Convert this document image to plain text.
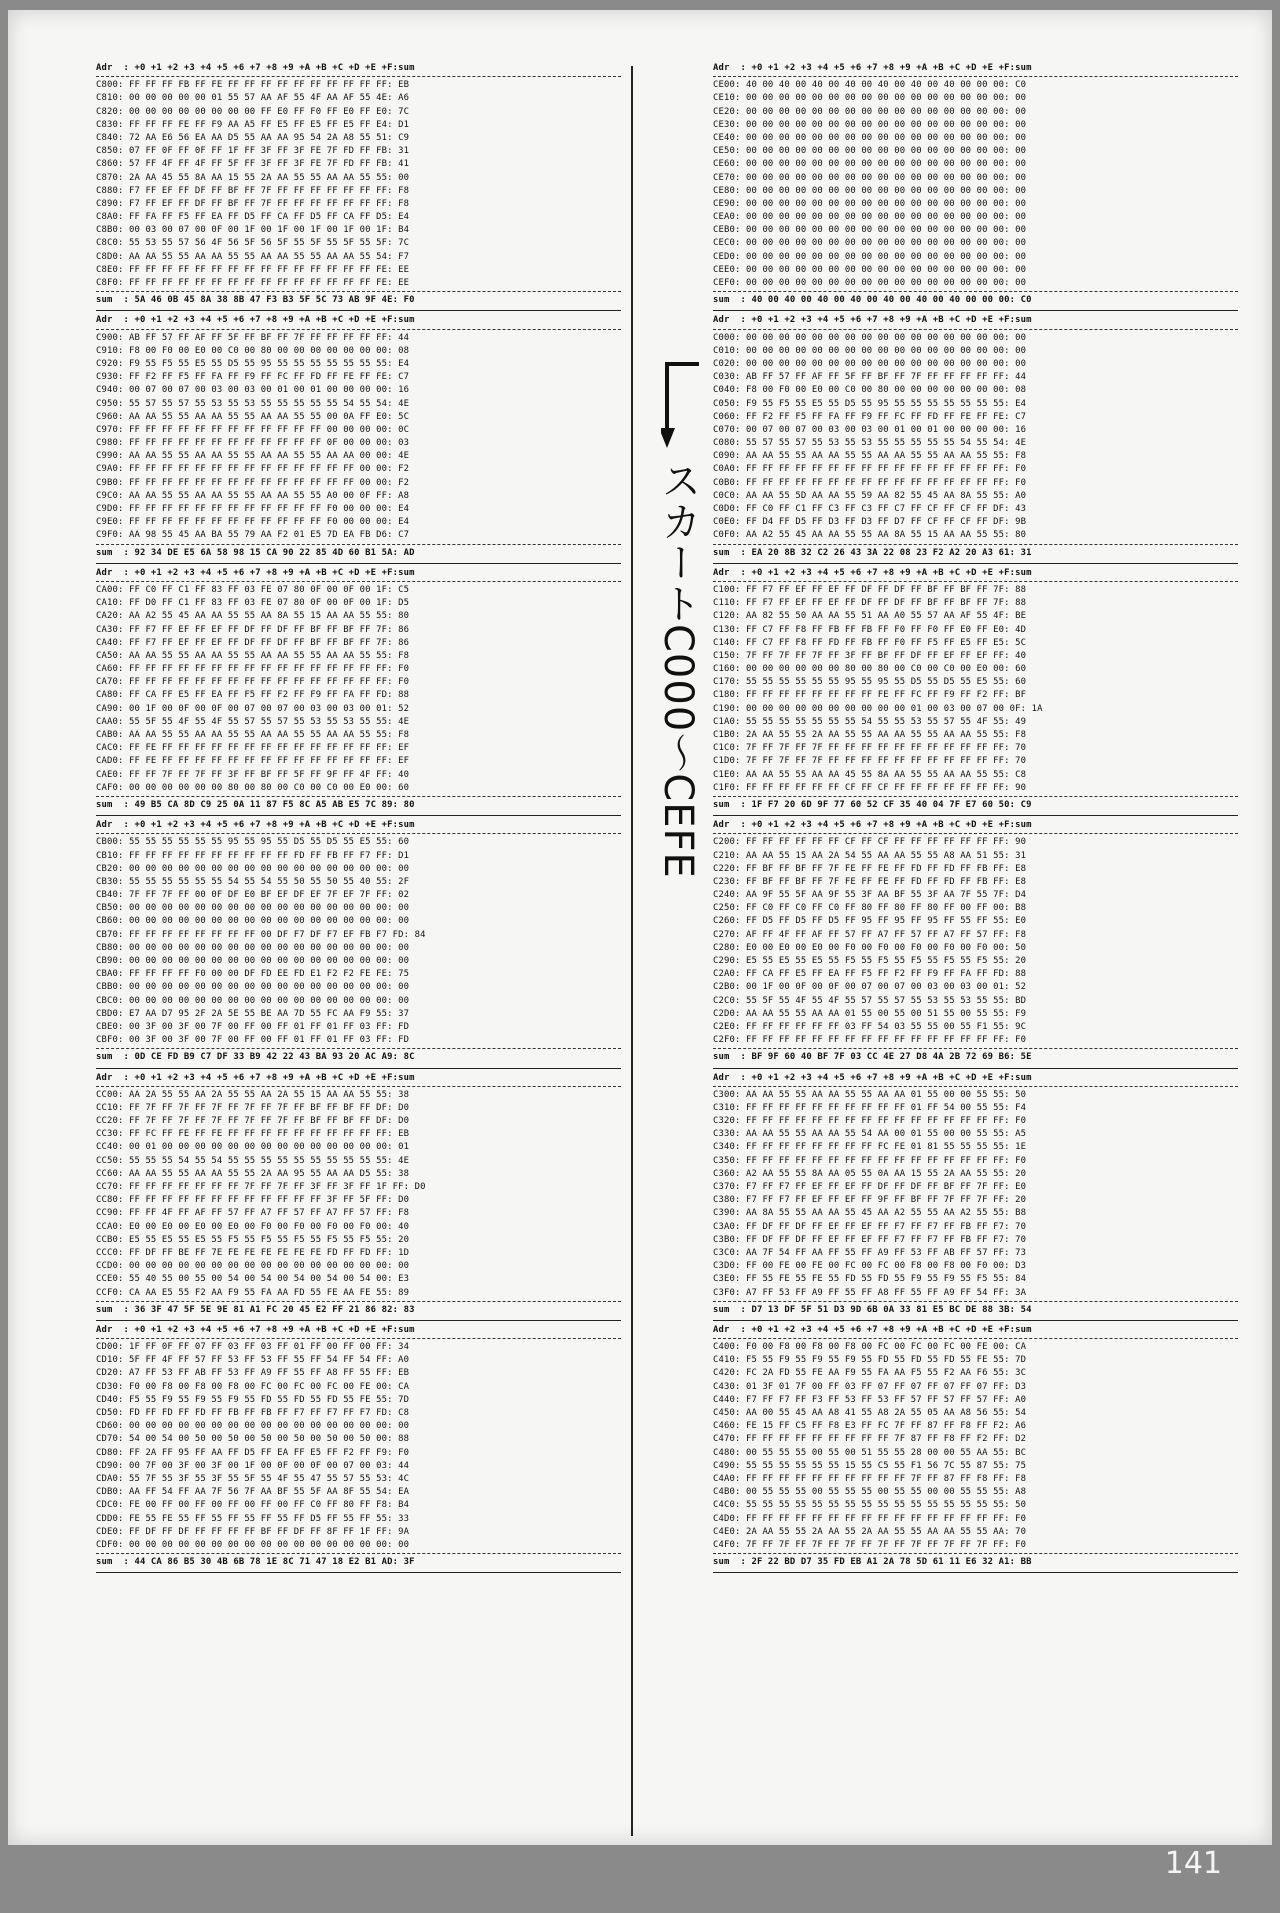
Adr  : +0 +1 +2 +3 +4 +5 +6 +7 +8 +9 +A +B +C +D +E +F:sum
C800: FF FF FF FB FF FE FF FF FF FF FF FF FF FF FF FF: EB
C810: 00 00 00 00 00 01 55 57 AA AF 55 4F AA AF 55 4E: A6
C820: 00 00 00 00 00 00 00 00 FF E0 FF F0 FF E0 FF E0: 7C
C830: FF FF FF FE FF F9 AA A5 FF E5 FF E5 FF E5 FF E4: D1
C840: 72 AA E6 56 EA AA D5 55 AA AA 95 54 2A A8 55 51: C9
C850: 07 FF 0F FF 0F FF 1F FF 3F FF 3F FE 7F FD FF FB: 31
C860: 57 FF 4F FF 4F FF 5F FF 3F FF 3F FE 7F FD FF FB: 41
C870: 2A AA 45 55 8A AA 15 55 2A AA 55 55 AA AA 55 55: 00
C880: F7 FF EF FF DF FF BF FF 7F FF FF FF FF FF FF FF: F8
C890: F7 FF EF FF DF FF BF FF 7F FF FF FF FF FF FF FF: F8
C8A0: FF FA FF F5 FF EA FF D5 FF CA FF D5 FF CA FF D5: E4
C8B0: 00 03 00 07 00 0F 00 1F 00 1F 00 1F 00 1F 00 1F: B4
C8C0: 55 53 55 57 56 4F 56 5F 56 5F 55 5F 55 5F 55 5F: 7C
C8D0: AA AA 55 55 AA AA 55 55 AA AA 55 55 AA AA 55 54: F7
C8E0: FF FF FF FF FF FF FF FF FF FF FF FF FF FF FF FE: EE
C8F0: FF FF FF FF FF FF FF FF FF FF FF FF FF FF FF FE: EE
sum  : 5A 46 0B 45 8A 38 8B 47 F3 B3 5F 5C 73 AB 9F 4E: F0
Adr  : +0 +1 +2 +3 +4 +5 +6 +7 +8 +9 +A +B +C +D +E +F:sum
C900: AB FF 57 FF AF FF 5F FF BF FF 7F FF FF FF FF FF: 44
C910: F8 00 F0 00 E0 00 C0 00 80 00 00 00 00 00 00 00: 08
C920: F9 55 F5 55 E5 55 D5 55 95 55 55 55 55 55 55 55: E4
C930: FF F2 FF F5 FF FA FF F9 FF FC FF FD FF FE FF FE: C7
C940: 00 07 00 07 00 03 00 03 00 01 00 01 00 00 00 00: 16
C950: 55 57 55 57 55 53 55 53 55 55 55 55 55 54 55 54: 4E
C960: AA AA 55 55 AA AA 55 55 AA AA 55 55 00 0A FF E0: 5C
C970: FF FF FF FF FF FF FF FF FF FF FF FF 00 00 00 00: 0C
C980: FF FF FF FF FF FF FF FF FF FF FF FF 0F 00 00 00: 03
C990: AA AA 55 55 AA AA 55 55 AA AA 55 55 AA AA 00 00: 4E
C9A0: FF FF FF FF FF FF FF FF FF FF FF FF FF FF 00 00: F2
C9B0: FF FF FF FF FF FF FF FF FF FF FF FF FF FF 00 00: F2
C9C0: AA AA 55 55 AA AA 55 55 AA AA 55 55 A0 00 0F FF: A8
C9D0: FF FF FF FF FF FF FF FF FF FF FF FF F0 00 00 00: E4
C9E0: FF FF FF FF FF FF FF FF FF FF FF FF F0 00 00 00: E4
C9F0: AA 98 55 45 AA BA 55 79 AA F2 01 E5 7D EA FB D6: C7
sum  : 92 34 DE E5 6A 58 98 15 CA 90 22 85 4D 60 B1 5A: AD
Adr  : +0 +1 +2 +3 +4 +5 +6 +7 +8 +9 +A +B +C +D +E +F:sum
CA00: FF C0 FF C1 FF 83 FF 03 FE 07 80 0F 00 0F 00 1F: C5
CA10: FF D0 FF C1 FF 83 FF 03 FE 07 80 0F 00 0F 00 1F: D5
CA20: AA A2 55 45 AA AA 55 55 AA 8A 55 15 AA AA 55 55: 80
CA30: FF F7 FF EF FF EF FF DF FF DF FF BF FF BF FF 7F: 86
CA40: FF F7 FF EF FF EF FF DF FF DF FF BF FF BF FF 7F: 86
CA50: AA AA 55 55 AA AA 55 55 AA AA 55 55 AA AA 55 55: F8
CA60: FF FF FF FF FF FF FF FF FF FF FF FF FF FF FF FF: F0
CA70: FF FF FF FF FF FF FF FF FF FF FF FF FF FF FF FF: F0
CA80: FF CA FF E5 FF EA FF F5 FF F2 FF F9 FF FA FF FD: 88
CA90: 00 1F 00 0F 00 0F 00 07 00 07 00 03 00 03 00 01: 52
CAA0: 55 5F 55 4F 55 4F 55 57 55 57 55 53 55 53 55 55: 4E
CAB0: AA AA 55 55 AA AA 55 55 AA AA 55 55 AA AA 55 55: F8
CAC0: FF FE FF FF FF FF FF FF FF FF FF FF FF FF FF FF: EF
CAD0: FF FE FF FF FF FF FF FF FF FF FF FF FF FF FF FF: EF
CAE0: FF FF 7F FF 7F FF 3F FF BF FF 5F FF 9F FF 4F FF: 40
CAF0: 00 00 00 00 00 00 80 00 80 00 C0 00 C0 00 E0 00: 60
sum  : 49 B5 CA 8D C9 25 0A 11 87 F5 8C A5 AB E5 7C 89: 80
Adr  : +0 +1 +2 +3 +4 +5 +6 +7 +8 +9 +A +B +C +D +E +F:sum
CB00: 55 55 55 55 55 55 95 55 95 55 D5 55 D5 55 E5 55: 60
CB10: FF FF FF FF FF FF FF FF FF FF FD FF FB FF F7 FF: D1
CB20: 00 00 00 00 00 00 00 00 00 00 00 00 00 00 00 00: 00
CB30: 55 55 55 55 55 55 54 55 54 55 50 55 50 55 40 55: 2F
CB40: 7F FF 7F FF 00 0F DF E0 BF EF DF EF 7F EF 7F FF: 02
CB50: 00 00 00 00 00 00 00 00 00 00 00 00 00 00 00 00: 00
CB60: 00 00 00 00 00 00 00 00 00 00 00 00 00 00 00 00: 00
CB70: FF FF FF FF FF FF FF FF 00 DF F7 DF F7 EF FB F7 FD: 84
CB80: 00 00 00 00 00 00 00 00 00 00 00 00 00 00 00 00: 00
CB90: 00 00 00 00 00 00 00 00 00 00 00 00 00 00 00 00: 00
CBA0: FF FF FF FF F0 00 00 DF FD EE FD E1 F2 F2 FE FE: 75
CBB0: 00 00 00 00 00 00 00 00 00 00 00 00 00 00 00 00: 00
CBC0: 00 00 00 00 00 00 00 00 00 00 00 00 00 00 00 00: 00
CBD0: E7 AA D7 95 2F 2A 5E 55 BE AA 7D 55 FC AA F9 55: 37
CBE0: 00 3F 00 3F 00 7F 00 FF 00 FF 01 FF 01 FF 03 FF: FD
CBF0: 00 3F 00 3F 00 7F 00 FF 00 FF 01 FF 01 FF 03 FF: FD
sum  : 0D CE FD B9 C7 DF 33 B9 42 22 43 BA 93 20 AC A9: 8C
Adr  : +0 +1 +2 +3 +4 +5 +6 +7 +8 +9 +A +B +C +D +E +F:sum
CC00: AA 2A 55 55 AA 2A 55 55 AA 2A 55 15 AA AA 55 55: 38
CC10: FF 7F FF 7F FF 7F FF 7F FF 7F FF BF FF BF FF DF: D0
CC20: FF 7F FF 7F FF 7F FF 7F FF 7F FF BF FF BF FF DF: D0
CC30: FF FC FF FE FF FE FF FF FF FF FF FF FF FF FF FF: EB
CC40: 00 01 00 00 00 00 00 00 00 00 00 00 00 00 00 00: 01
CC50: 55 55 55 54 55 54 55 55 55 55 55 55 55 55 55 55: 4E
CC60: AA AA 55 55 AA AA 55 55 2A AA 95 55 AA AA D5 55: 38
CC70: FF FF FF FF FF FF FF 7F FF 7F FF 3F FF 3F FF 1F FF: D0
CC80: FF FF FF FF FF FF FF FF FF FF FF FF 3F FF 5F FF: D0
CC90: FF FF 4F FF AF FF 57 FF A7 FF 57 FF A7 FF 57 FF: F8
CCA0: E0 00 E0 00 E0 00 E0 00 F0 00 F0 00 F0 00 F0 00: 40
CCB0: E5 55 E5 55 E5 55 F5 55 F5 55 F5 55 F5 55 F5 55: 20
CCC0: FF DF FF BE FF 7E FE FE FE FE FE FE FD FF FD FF: 1D
CCD0: 00 00 00 00 00 00 00 00 00 00 00 00 00 00 00 00: 00
CCE0: 55 40 55 00 55 00 54 00 54 00 54 00 54 00 54 00: E3
CCF0: CA AA E5 55 F2 AA F9 55 FA AA FD 55 FE AA FE 55: 89
sum  : 36 3F 47 5F 5E 9E 81 A1 FC 20 45 E2 FF 21 86 82: 83
Adr  : +0 +1 +2 +3 +4 +5 +6 +7 +8 +9 +A +B +C +D +E +F:sum
CD00: 1F FF 0F FF 07 FF 03 FF 03 FF 01 FF 00 FF 00 FF: 34
CD10: 5F FF 4F FF 57 FF 53 FF 53 FF 55 FF 54 FF 54 FF: A0
CD20: A7 FF 53 FF AB FF 53 FF A9 FF 55 FF A8 FF 55 FF: EB
CD30: F0 00 F8 00 F8 00 F8 00 FC 00 FC 00 FC 00 FE 00: CA
CD40: F5 55 F9 55 F9 55 F9 55 FD 55 FD 55 FD 55 FE 55: 7D
CD50: FD FF FD FF FD FF FB FF FB FF F7 FF F7 FF F7 FD: C8
CD60: 00 00 00 00 00 00 00 00 00 00 00 00 00 00 00 00: 00
CD70: 54 00 54 00 50 00 50 00 50 00 50 00 50 00 50 00: 88
CD80: FF 2A FF 95 FF AA FF D5 FF EA FF E5 FF F2 FF F9: F0
CD90: 00 7F 00 3F 00 3F 00 1F 00 0F 00 0F 00 07 00 03: 44
CDA0: 55 7F 55 3F 55 3F 55 5F 55 4F 55 47 55 57 55 53: 4C
CDB0: AA FF 54 FF AA 7F 56 7F AA BF 55 5F AA 8F 55 54: EA
CDC0: FE 00 FF 00 FF 00 FF 00 FF 00 FF C0 FF 80 FF F8: B4
CDD0: FE 55 FE 55 FF 55 FF 55 FF 55 FF D5 FF 55 FF 55: 33
CDE0: FF DF FF DF FF FF FF FF BF FF DF FF 8F FF 1F FF: 9A
CDF0: 00 00 00 00 00 00 00 00 00 00 00 00 00 00 00 00: 00
sum  : 44 CA 86 B5 30 4B 6B 78 1E 8C 71 47 18 E2 B1 AD: 3F
スカートC000〜CEFE
Adr  : +0 +1 +2 +3 +4 +5 +6 +7 +8 +9 +A +B +C +D +E +F:sum
CE00: 40 00 40 00 40 00 40 00 40 00 40 00 40 00 00 00: C0
CE10: 00 00 00 00 00 00 00 00 00 00 00 00 00 00 00 00: 00
CE20: 00 00 00 00 00 00 00 00 00 00 00 00 00 00 00 00: 00
CE30: 00 00 00 00 00 00 00 00 00 00 00 00 00 00 00 00: 00
CE40: 00 00 00 00 00 00 00 00 00 00 00 00 00 00 00 00: 00
CE50: 00 00 00 00 00 00 00 00 00 00 00 00 00 00 00 00: 00
CE60: 00 00 00 00 00 00 00 00 00 00 00 00 00 00 00 00: 00
CE70: 00 00 00 00 00 00 00 00 00 00 00 00 00 00 00 00: 00
CE80: 00 00 00 00 00 00 00 00 00 00 00 00 00 00 00 00: 00
CE90: 00 00 00 00 00 00 00 00 00 00 00 00 00 00 00 00: 00
CEA0: 00 00 00 00 00 00 00 00 00 00 00 00 00 00 00 00: 00
CEB0: 00 00 00 00 00 00 00 00 00 00 00 00 00 00 00 00: 00
CEC0: 00 00 00 00 00 00 00 00 00 00 00 00 00 00 00 00: 00
CED0: 00 00 00 00 00 00 00 00 00 00 00 00 00 00 00 00: 00
CEE0: 00 00 00 00 00 00 00 00 00 00 00 00 00 00 00 00: 00
CEF0: 00 00 00 00 00 00 00 00 00 00 00 00 00 00 00 00: 00
sum  : 40 00 40 00 40 00 40 00 40 00 40 00 40 00 00 00: C0
Adr  : +0 +1 +2 +3 +4 +5 +6 +7 +8 +9 +A +B +C +D +E +F:sum
C000: 00 00 00 00 00 00 00 00 00 00 00 00 00 00 00 00: 00
C010: 00 00 00 00 00 00 00 00 00 00 00 00 00 00 00 00: 00
C020: 00 00 00 00 00 00 00 00 00 00 00 00 00 00 00 00: 00
C030: AB FF 57 FF AF FF 5F FF BF FF 7F FF FF FF FF FF: 44
C040: F8 00 F0 00 E0 00 C0 00 80 00 00 00 00 00 00 00: 08
C050: F9 55 F5 55 E5 55 D5 55 95 55 55 55 55 55 55 55: E4
C060: FF F2 FF F5 FF FA FF F9 FF FC FF FD FF FE FF FE: C7
C070: 00 07 00 07 00 03 00 03 00 01 00 01 00 00 00 00: 16
C080: 55 57 55 57 55 53 55 53 55 55 55 55 55 54 55 54: 4E
C090: AA AA 55 55 AA AA 55 55 AA AA 55 55 AA AA 55 55: F8
C0A0: FF FF FF FF FF FF FF FF FF FF FF FF FF FF FF FF: F0
C0B0: FF FF FF FF FF FF FF FF FF FF FF FF FF FF FF FF: F0
C0C0: AA AA 55 5D AA AA 55 59 AA 82 55 45 AA 8A 55 55: A0
C0D0: FF C0 FF C1 FF C3 FF C3 FF C7 FF CF FF CF FF DF: 43
C0E0: FF D4 FF D5 FF D3 FF D3 FF D7 FF CF FF CF FF DF: 9B
C0F0: AA A2 55 45 AA AA 55 55 AA 8A 55 15 AA AA 55 55: 80
sum  : EA 20 8B 32 C2 26 43 3A 22 08 23 F2 A2 20 A3 61: 31
Adr  : +0 +1 +2 +3 +4 +5 +6 +7 +8 +9 +A +B +C +D +E +F:sum
C100: FF F7 FF EF FF EF FF DF FF DF FF BF FF BF FF 7F: 88
C110: FF F7 FF EF FF EF FF DF FF DF FF BF FF BF FF 7F: 88
C120: AA 82 55 50 AA AA 55 51 AA A0 55 57 AA AF 55 4F: BE
C130: FF C7 FF F8 FF FB FF FB FF F0 FF F0 FF E0 FF E0: 4D
C140: FF C7 FF F8 FF FD FF FB FF F0 FF F5 FF E5 FF E5: 5C
C150: 7F FF 7F FF 7F FF 3F FF BF FF DF FF EF FF EF FF: 40
C160: 00 00 00 00 00 00 80 00 80 00 C0 00 C0 00 E0 00: 60
C170: 55 55 55 55 55 55 95 55 95 55 D5 55 D5 55 E5 55: 60
C180: FF FF FF FF FF FF FF FF FE FF FC FF F9 FF F2 FF: BF
C190: 00 00 00 00 00 00 00 00 00 00 01 00 03 00 07 00 0F: 1A
C1A0: 55 55 55 55 55 55 55 54 55 55 53 55 57 55 4F 55: 49
C1B0: 2A AA 55 55 2A AA 55 55 AA AA 55 55 AA AA 55 55: F8
C1C0: 7F FF 7F FF 7F FF FF FF FF FF FF FF FF FF FF FF: 70
C1D0: 7F FF 7F FF 7F FF FF FF FF FF FF FF FF FF FF FF: 70
C1E0: AA AA 55 55 AA AA 45 55 8A AA 55 55 AA AA 55 55: C8
C1F0: FF FF FF FF FF FF CF FF CF FF FF FF FF FF FF FF: 90
sum  : 1F F7 20 6D 9F 77 60 52 CF 35 40 04 7F E7 60 50: C9
Adr  : +0 +1 +2 +3 +4 +5 +6 +7 +8 +9 +A +B +C +D +E +F:sum
C200: FF FF FF FF FF FF CF FF CF FF FF FF FF FF FF FF: 90
C210: AA AA 55 15 AA 2A 54 55 AA AA 55 55 A8 AA 51 55: 31
C220: FF BF FF BF FF 7F FE FF FE FF FD FF FD FF FB FF: E8
C230: FF BF FF BF FF 7F FE FF FE FF FD FF FD FF FB FF: E8
C240: AA 9F 55 5F AA 9F 55 3F AA BF 55 3F AA 7F 55 7F: D4
C250: FF C0 FF C0 FF C0 FF 80 FF 80 FF 80 FF 00 FF 00: B8
C260: FF D5 FF D5 FF D5 FF 95 FF 95 FF 95 FF 55 FF 55: E0
C270: AF FF 4F FF AF FF 57 FF A7 FF 57 FF A7 FF 57 FF: F8
C280: E0 00 E0 00 E0 00 F0 00 F0 00 F0 00 F0 00 F0 00: 50
C290: E5 55 E5 55 E5 55 F5 55 F5 55 F5 55 F5 55 F5 55: 20
C2A0: FF CA FF E5 FF EA FF F5 FF F2 FF F9 FF FA FF FD: 88
C2B0: 00 1F 00 0F 00 0F 00 07 00 07 00 03 00 03 00 01: 52
C2C0: 55 5F 55 4F 55 4F 55 57 55 57 55 53 55 53 55 55: BD
C2D0: AA AA 55 55 AA AA 01 55 00 55 00 51 55 00 55 55: F9
C2E0: FF FF FF FF FF FF 03 FF 54 03 55 55 00 55 F1 55: 9C
C2F0: FF FF FF FF FF FF FF FF FF FF FF FF FF FF FF FF: F0
sum  : BF 9F 60 40 BF 7F 03 CC 4E 27 D8 4A 2B 72 69 B6: 5E
Adr  : +0 +1 +2 +3 +4 +5 +6 +7 +8 +9 +A +B +C +D +E +F:sum
C300: AA AA 55 55 AA AA 55 55 AA AA 01 55 00 00 55 55: 50
C310: FF FF FF FF FF FF FF FF FF FF 01 FF 54 00 55 55: F4
C320: FF FF FF FF FF FF FF FF FF FF FF FF FF FF FF FF: F0
C330: AA AA 55 55 AA AA 55 54 AA 00 01 55 00 00 55 55: A5
C340: FF FF FF FF FF FF FF FF FC FE 01 81 55 55 55 55: 1E
C350: FF FF FF FF FF FF FF FF FF FF FF FF FF FF FF FF: F0
C360: A2 AA 55 55 8A AA 05 55 0A AA 15 55 2A AA 55 55: 20
C370: F7 FF F7 FF EF FF EF FF DF FF DF FF BF FF 7F FF: E0
C380: F7 FF F7 FF EF FF EF FF 9F FF BF FF 7F FF 7F FF: 20
C390: AA 8A 55 55 AA AA 55 45 AA A2 55 55 AA A2 55 55: B8
C3A0: FF DF FF DF FF EF FF EF FF F7 FF F7 FF FB FF F7: 70
C3B0: FF DF FF DF FF EF FF EF FF F7 FF F7 FF FB FF F7: 70
C3C0: AA 7F 54 FF AA FF 55 FF A9 FF 53 FF AB FF 57 FF: 73
C3D0: FF 00 FE 00 FE 00 FC 00 FC 00 F8 00 F8 00 F0 00: D3
C3E0: FF 55 FE 55 FE 55 FD 55 FD 55 F9 55 F9 55 F5 55: 84
C3F0: A7 FF 53 FF A9 FF 55 FF A8 FF 55 FF A9 FF 54 FF: 3A
sum  : D7 13 DF 5F 51 D3 9D 6B 0A 33 81 E5 BC DE 88 3B: 54
Adr  : +0 +1 +2 +3 +4 +5 +6 +7 +8 +9 +A +B +C +D +E +F:sum
C400: F0 00 F8 00 F8 00 F8 00 FC 00 FC 00 FC 00 FE 00: CA
C410: F5 55 F9 55 F9 55 F9 55 FD 55 FD 55 FD 55 FE 55: 7D
C420: FC 2A FD 55 FE AA F9 55 FA AA F5 55 F2 AA F6 55: 3C
C430: 01 3F 01 7F 00 FF 03 FF 07 FF 07 FF 07 FF 07 FF: D3
C440: F7 FF F7 FF F3 FF 53 FF 53 FF 57 FF 57 FF 57 FF: A0
C450: AA 00 55 45 AA A8 41 55 A8 2A 55 05 AA A8 56 55: 54
C460: FE 15 FF C5 FF F8 E3 FF FC 7F FF 87 FF F8 FF F2: A6
C470: FF FF FF FF FF FF FF FF FF 7F 87 FF F8 FF F2 FF: D2
C480: 00 55 55 55 00 55 00 51 55 55 28 00 00 55 AA 55: BC
C490: 55 55 55 55 55 55 15 55 C5 55 F1 56 7C 55 87 55: 75
C4A0: FF FF FF FF FF FF FF FF FF FF 7F FF 87 FF F8 FF: F8
C4B0: 00 55 55 55 00 55 55 55 00 55 55 00 00 55 55 55: A8
C4C0: 55 55 55 55 55 55 55 55 55 55 55 55 55 55 55 55: 50
C4D0: FF FF FF FF FF FF FF FF FF FF FF FF FF FF FF FF: F0
C4E0: 2A AA 55 55 2A AA 55 2A AA 55 55 AA AA 55 55 AA: 70
C4F0: 7F FF 7F FF 7F FF 7F FF 7F FF 7F FF 7F FF 7F FF: F0
sum  : 2F 22 BD D7 35 FD EB A1 2A 78 5D 61 11 E6 32 A1: BB
141
